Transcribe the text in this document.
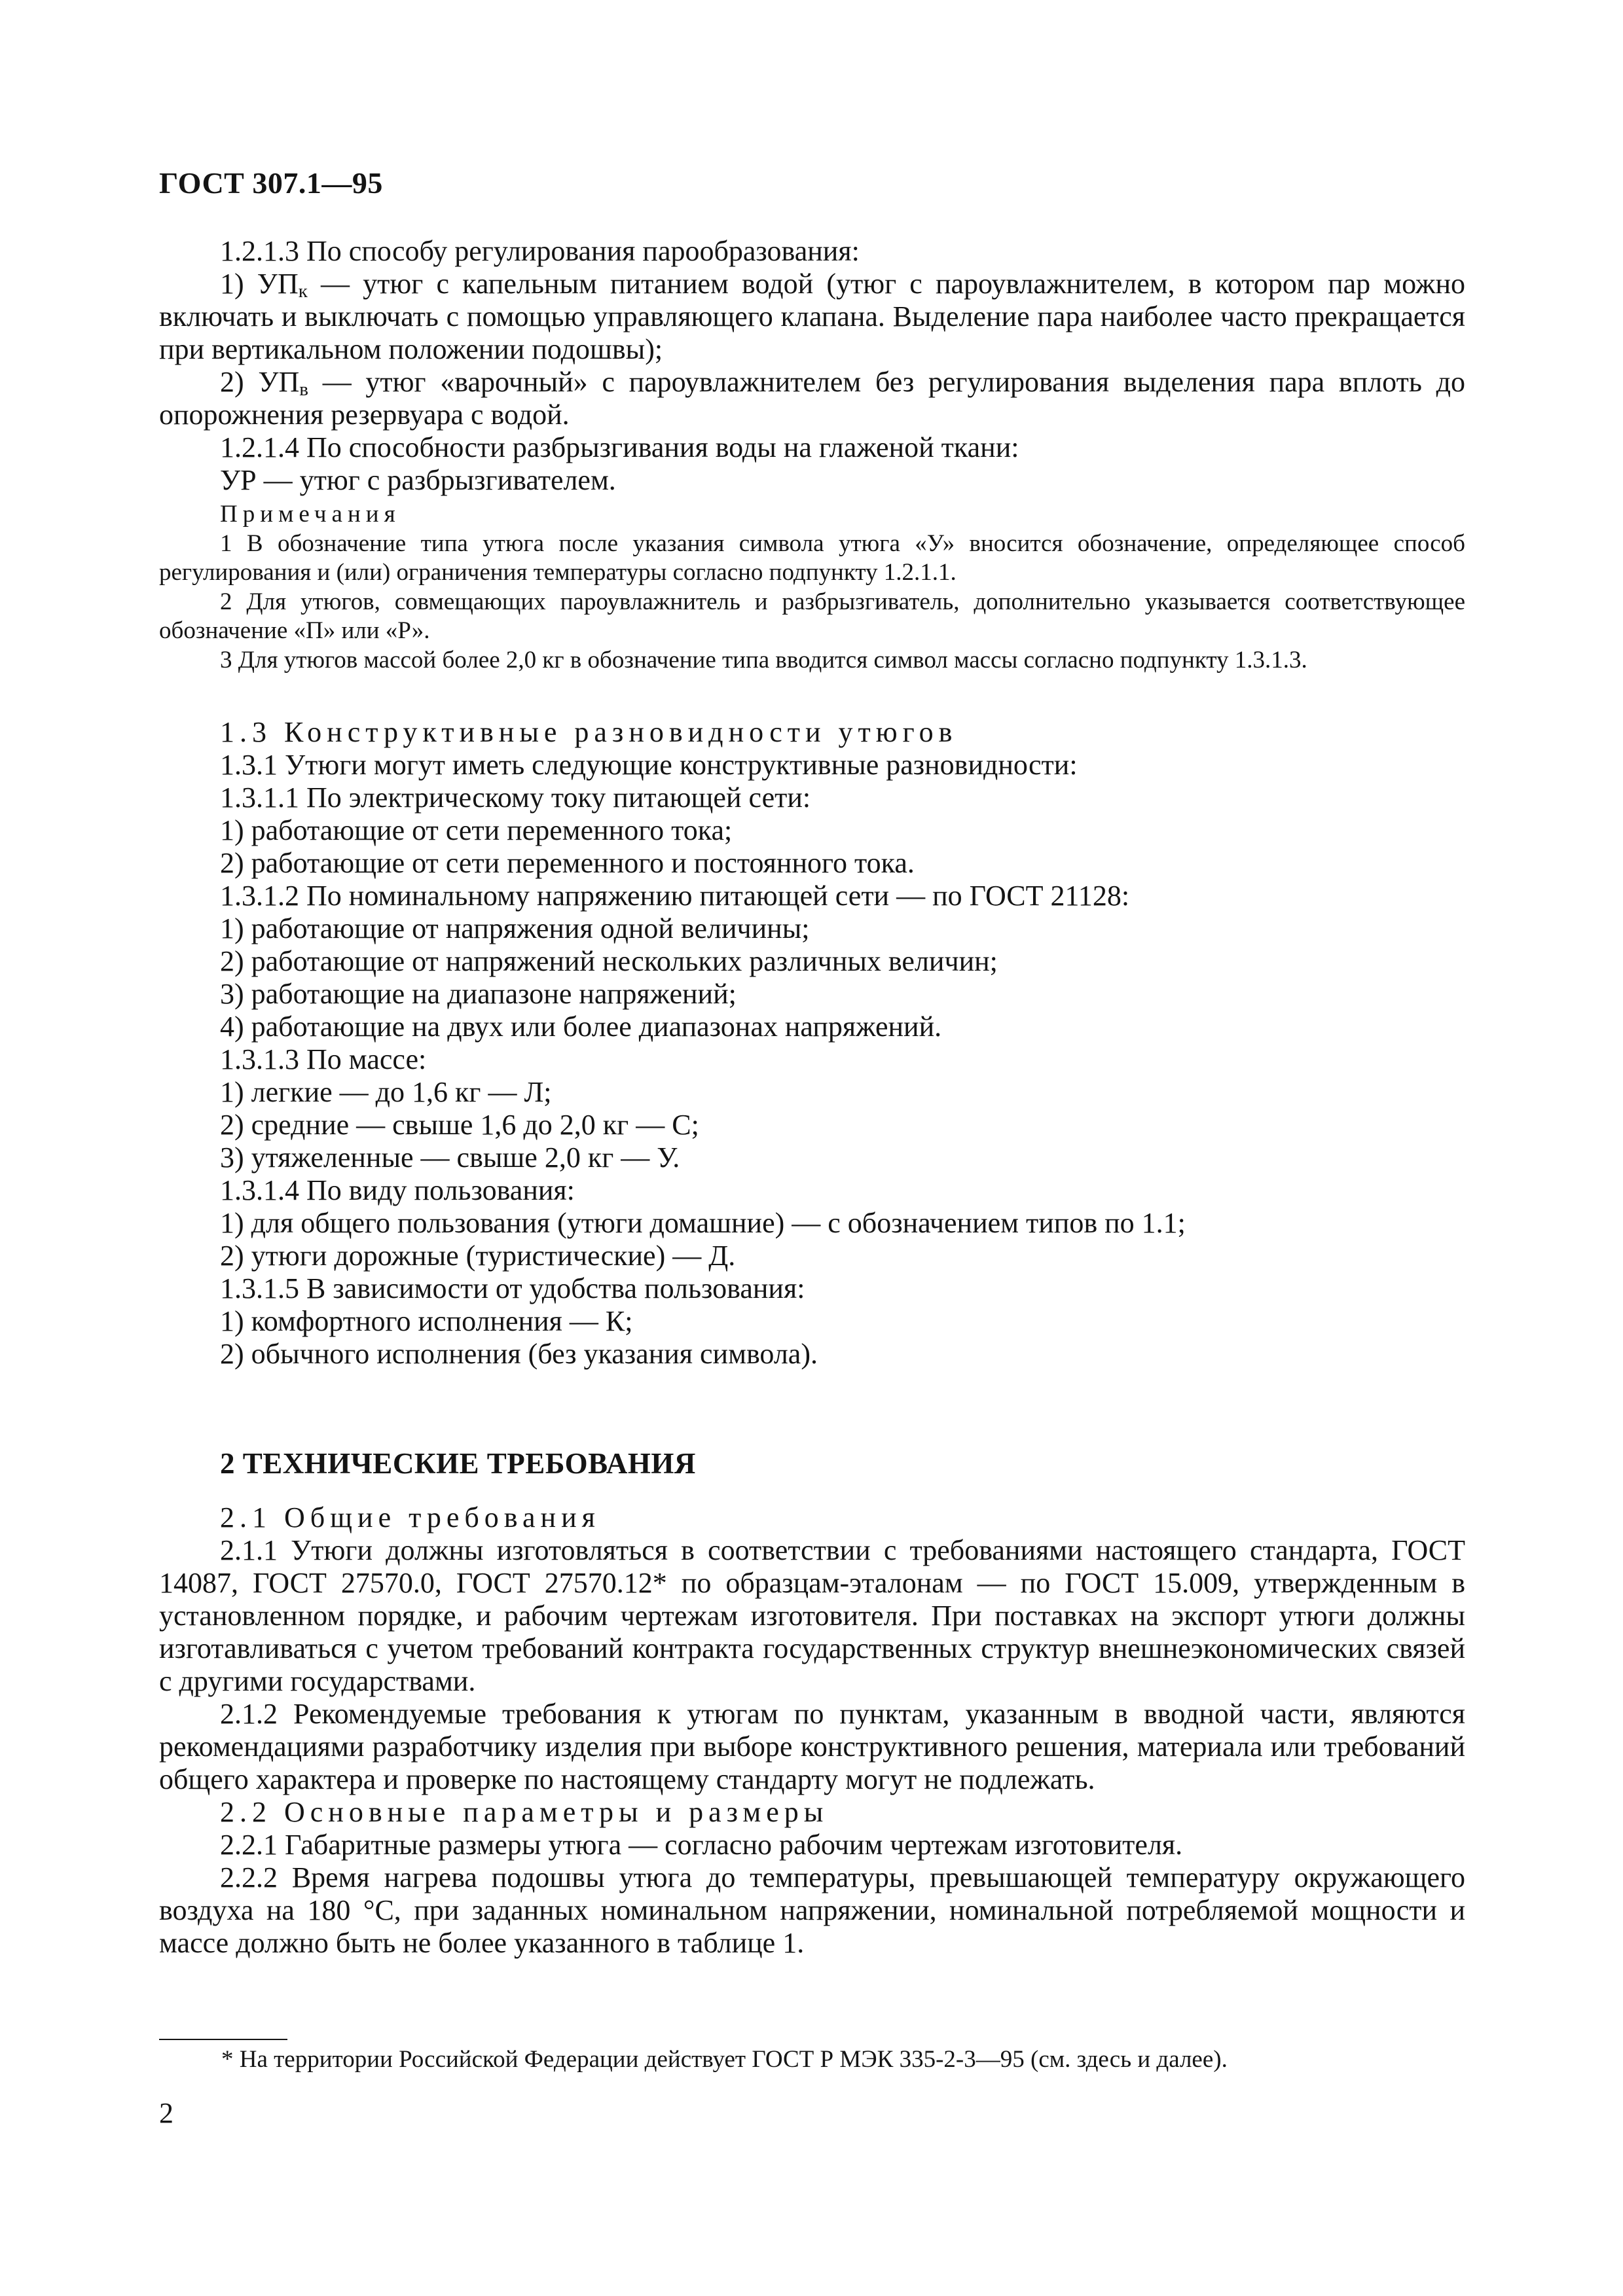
ГОСТ 307.1—95

1.2.1.3 По способу регулирования парообразования:

1) $УП_к$ — утюг с капельным питанием водой (утюг с пароувлажнителем, в котором пар можно включать и выключать с помощью управляющего клапана. Выделение пара наиболее часто прекращается при вертикальном положении подошвы);

2) $УП_в$ — утюг «варочный» с пароувлажнителем без регулирования выделения пара вплоть до опорожнения резервуара с водой.

1.2.1.4 По способности разбрызгивания воды на глаженой ткани:

УР — утюг с разбрызгивателем.

Примечания

1 В обозначение типа утюга после указания символа утюга «У» вносится обозначение, определяющее способ регулирования и (или) ограничения температуры согласно подпункту 1.2.1.1.

2 Для утюгов, совмещающих пароувлажнитель и разбрызгиватель, дополнительно указывается соответствующее обозначение «П» или «Р».

3 Для утюгов массой более 2,0 кг в обозначение типа вводится символ массы согласно подпункту 1.3.1.3.

1.3 Конструктивные разновидности утюгов

1.3.1 Утюги могут иметь следующие конструктивные разновидности:

1.3.1.1 По электрическому току питающей сети:

1) работающие от сети переменного тока;

2) работающие от сети переменного и постоянного тока.

1.3.1.2 По номинальному напряжению питающей сети — по ГОСТ 21128:

1) работающие от напряжения одной величины;

2) работающие от напряжений нескольких различных величин;

3) работающие на диапазоне напряжений;

4) работающие на двух или более диапазонах напряжений.

1.3.1.3 По массе:

1) легкие — до 1,6 кг — Л;

2) средние — свыше 1,6 до 2,0 кг — С;

3) утяжеленные — свыше 2,0 кг — У.

1.3.1.4 По виду пользования:

1) для общего пользования (утюги домашние) — с обозначением типов по 1.1;

2) утюги дорожные (туристические) — Д.

1.3.1.5 В зависимости от удобства пользования:

1) комфортного исполнения — К;

2) обычного исполнения (без указания символа).

2 ТЕХНИЧЕСКИЕ ТРЕБОВАНИЯ

2.1 Общие требования

2.1.1 Утюги должны изготовляться в соответствии с требованиями настоящего стандарта, ГОСТ 14087, ГОСТ 27570.0, ГОСТ 27570.12* по образцам-эталонам — по ГОСТ 15.009, утвержденным в установленном порядке, и рабочим чертежам изготовителя. При поставках на экспорт утюги должны изготавливаться с учетом требований контракта государственных структур внешнеэкономических связей с другими государствами.

2.1.2 Рекомендуемые требования к утюгам по пунктам, указанным в вводной части, являются рекомендациями разработчику изделия при выборе конструктивного решения, материала или требований общего характера и проверке по настоящему стандарту могут не подлежать.

2.2 Основные параметры и размеры

2.2.1 Габаритные размеры утюга — согласно рабочим чертежам изготовителя.

2.2.2 Время нагрева подошвы утюга до температуры, превышающей температуру окружающего воздуха на 180 °С, при заданных номинальном напряжении, номинальной потребляемой мощности и массе должно быть не более указанного в таблице 1.

* На территории Российской Федерации действует ГОСТ Р МЭК 335-2-3—95 (см. здесь и далее).
2
